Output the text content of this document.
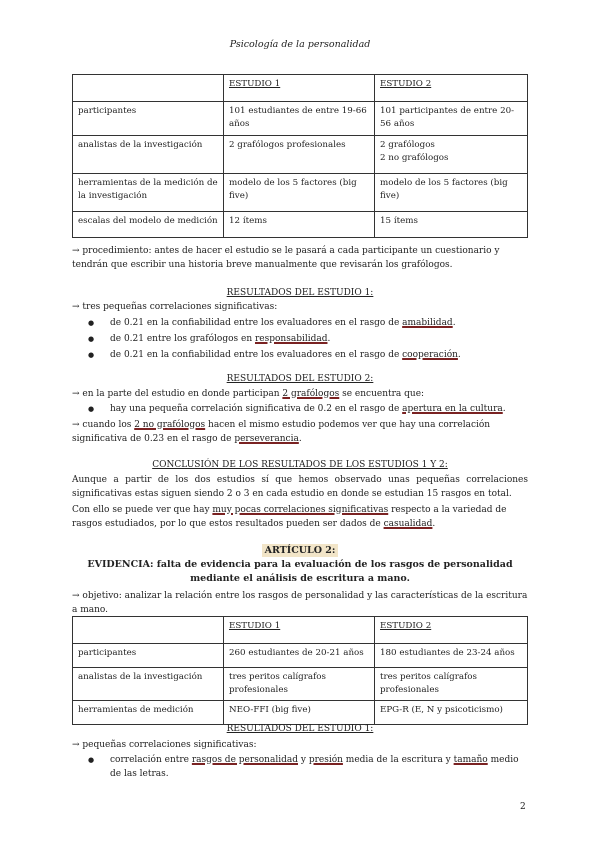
Psicología de la personalidad
	ESTUDIO 1	ESTUDIO 2
participantes	101 estudiantes de entre 19-66 años	101 participantes de entre 20-56 años
analistas de la investigación	2 grafólogos profesionales	2 grafólogos
2 no grafólogos
herramientas de la medición de la investigación	modelo de los 5 factores (big five)	modelo de los 5 factores (big five)
escalas del modelo de medición	12 ítems	15 ítems
→ procedimiento: antes de hacer el estudio se le pasará a cada participante un cuestionario y tendrán que escribir una historia breve manualmente que revisarán los grafólogos.
RESULTADOS DEL ESTUDIO 1:
→ tres pequeñas correlaciones significativas:
● de 0.21 en la confiabilidad entre los evaluadores en el rasgo de amabilidad.
● de 0.21 entre los grafólogos en responsabilidad.
● de 0.21 en la confiabilidad entre los evaluadores en el rasgo de cooperación.
RESULTADOS DEL ESTUDIO 2:
→ en la parte del estudio en donde participan 2 grafólogos se encuentra que:
● hay una pequeña correlación significativa de 0.2 en el rasgo de apertura en la cultura.
→ cuando los 2 no grafólogos hacen el mismo estudio podemos ver que hay una correlación significativa de 0.23 en el rasgo de perseverancia.
CONCLUSIÓN DE LOS RESULTADOS DE LOS ESTUDIOS 1 Y 2:
Aunque a partir de los dos estudios sí que hemos observado unas pequeñas correlaciones significativas estas siguen siendo 2 o 3 en cada estudio en donde se estudian 15 rasgos en total.
Con ello se puede ver que hay muy pocas correlaciones significativas respecto a la variedad de rasgos estudiados, por lo que estos resultados pueden ser dados de casualidad.
ARTÍCULO 2:
EVIDENCIA: falta de evidencia para la evaluación de los rasgos de personalidad mediante el análisis de escritura a mano.
→ objetivo: analizar la relación entre los rasgos de personalidad y las características de la escritura a mano.
	ESTUDIO 1	ESTUDIO 2
participantes	260 estudiantes de 20-21 años	180 estudiantes de 23-24 años
analistas de la investigación	tres peritos calígrafos profesionales	tres peritos calígrafos profesionales
herramientas de medición	NEO-FFI (big five)	EPG-R (E, N y psicoticismo)
RESULTADOS DEL ESTUDIO 1:
→ pequeñas correlaciones significativas:
● correlación entre rasgos de personalidad y presión media de la escritura y tamaño medio de las letras.
2
